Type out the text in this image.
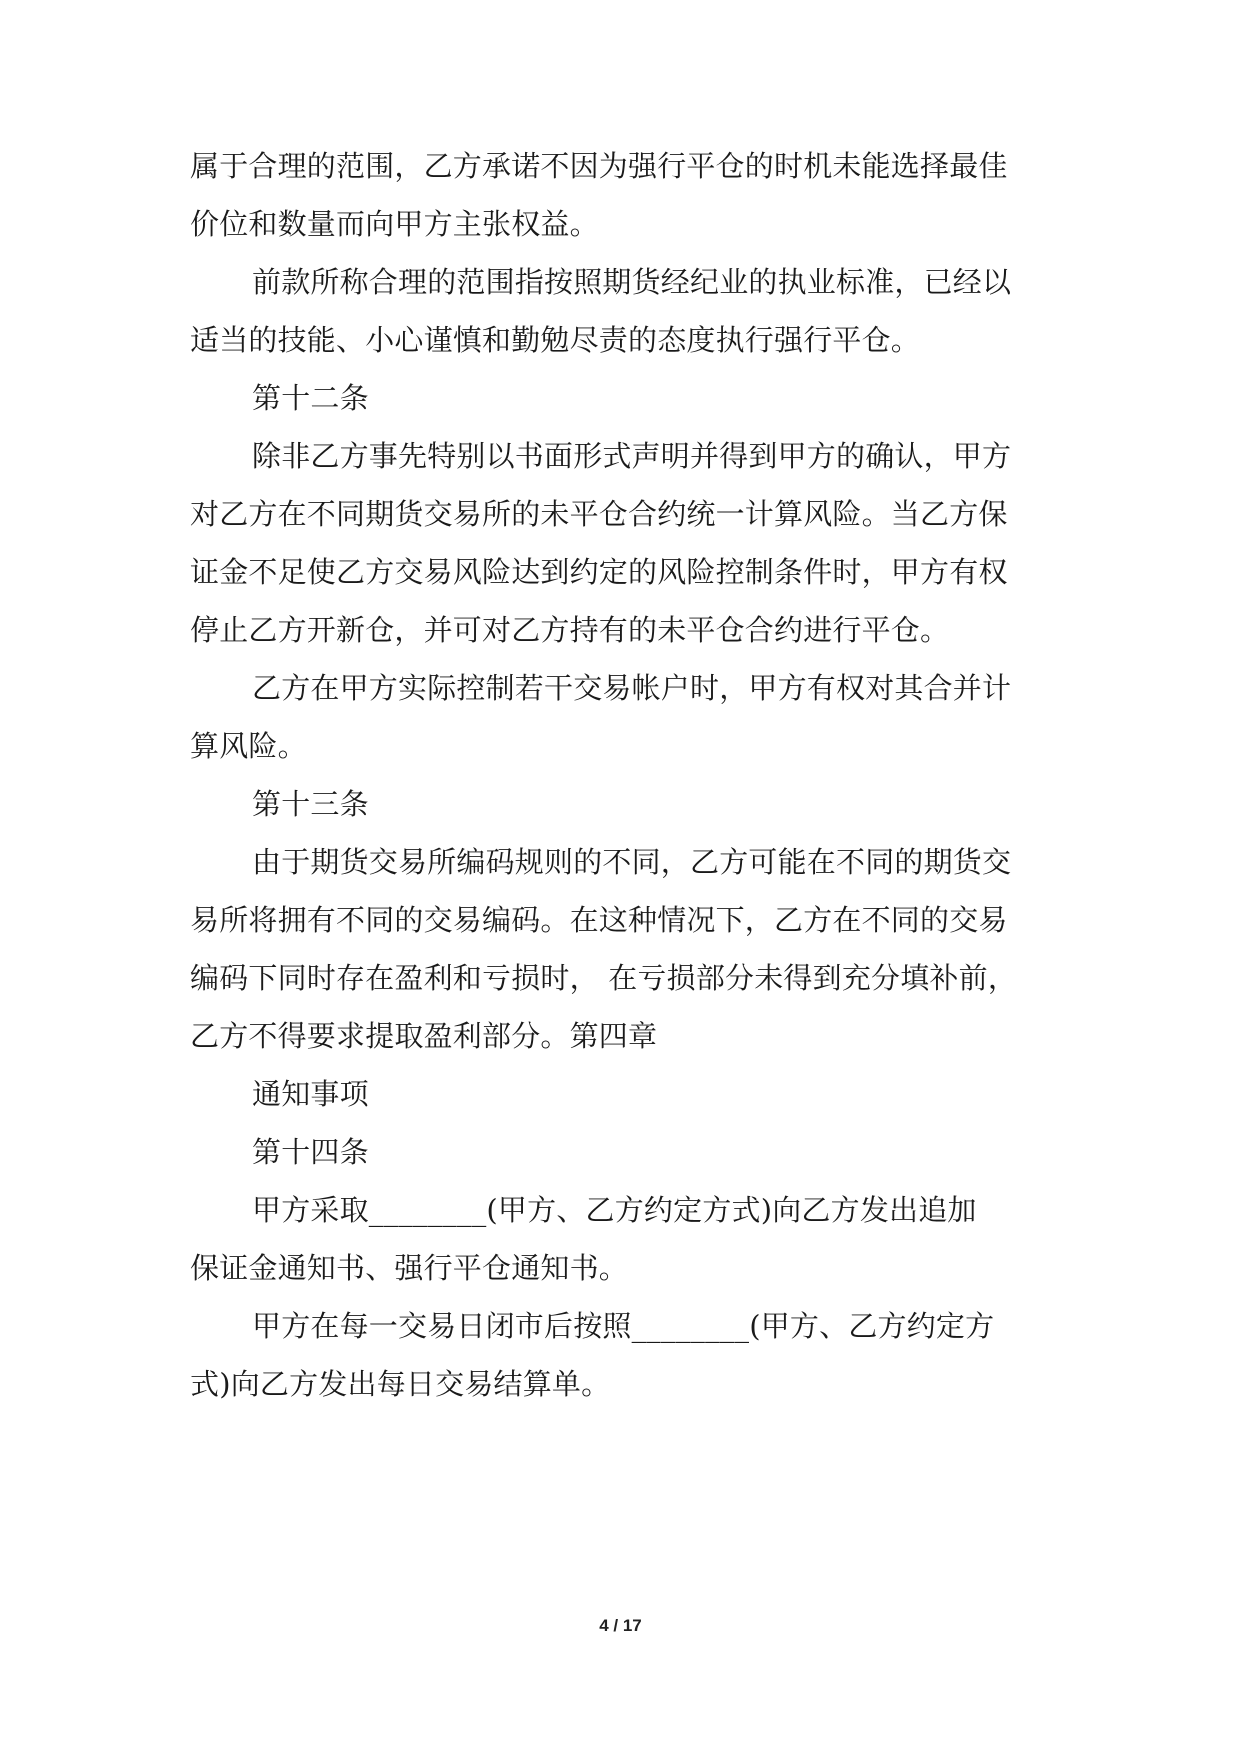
属于合理的范围，乙方承诺不因为强行平仓的时机未能选择最佳
价位和数量而向甲方主张权益。
前款所称合理的范围指按照期货经纪业的执业标准，已经以
适当的技能、小心谨慎和勤勉尽责的态度执行强行平仓。
第十二条
除非乙方事先特别以书面形式声明并得到甲方的确认，甲方
对乙方在不同期货交易所的未平仓合约统一计算风险。当乙方保
证金不足使乙方交易风险达到约定的风险控制条件时，甲方有权
停止乙方开新仓，并可对乙方持有的未平仓合约进行平仓。
乙方在甲方实际控制若干交易帐户时，甲方有权对其合并计
算风险。
第十三条
由于期货交易所编码规则的不同，乙方可能在不同的期货交
易所将拥有不同的交易编码。在这种情况下，乙方在不同的交易
编码下同时存在盈利和亏损时， 在亏损部分未得到充分填补前，
乙方不得要求提取盈利部分。第四章
通知事项
第十四条
甲方采取________(甲方、乙方约定方式)向乙方发出追加
保证金通知书、强行平仓通知书。
甲方在每一交易日闭市后按照________(甲方、乙方约定方
式)向乙方发出每日交易结算单。
4 / 17
